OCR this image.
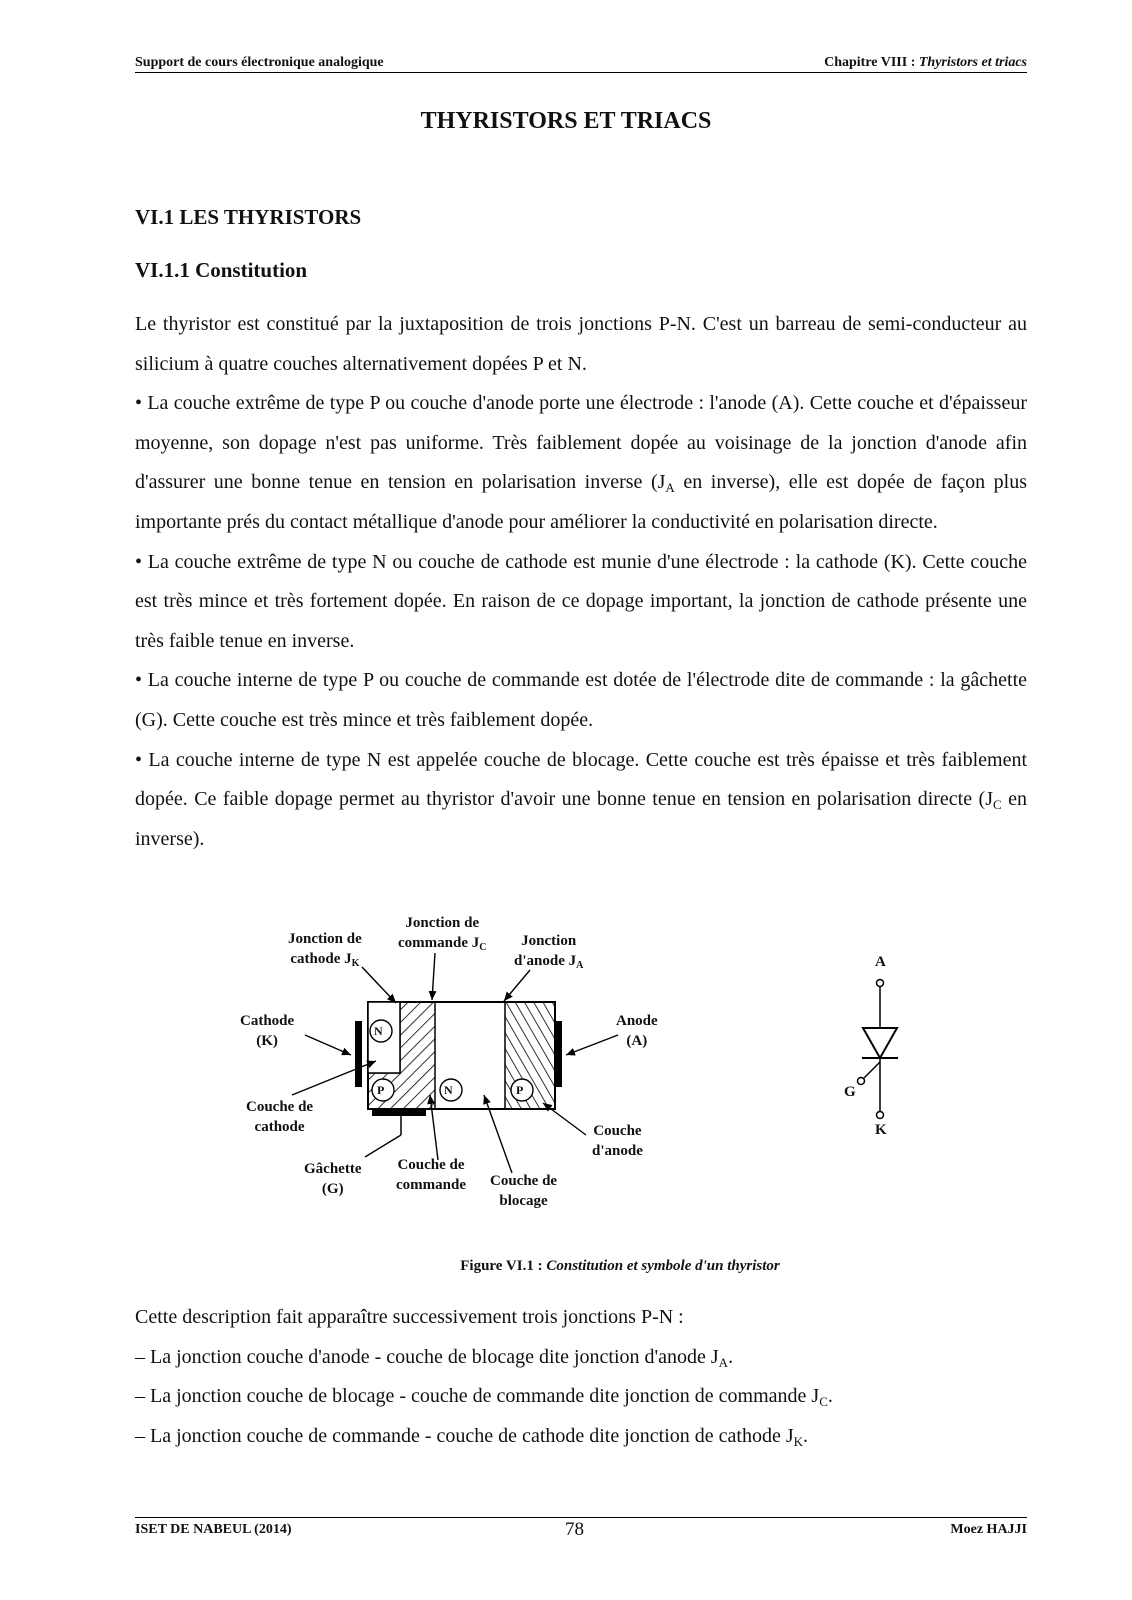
Support de cours électronique analogique	Chapitre VIII : Thyristors et triacs
THYRISTORS ET TRIACS
VI.1 LES THYRISTORS
VI.1.1 Constitution

Le thyristor est constitué par la juxtaposition de trois jonctions P-N. C'est un barreau de semi-conducteur au silicium à quatre couches alternativement dopées P et N.

• La couche extrême de type P ou couche d'anode porte une électrode : l'anode (A). Cette couche et d'épaisseur moyenne, son dopage n'est pas uniforme. Très faiblement dopée au voisinage de la jonction d'anode afin d'assurer une bonne tenue en tension en polarisation inverse ($J_A$ en inverse), elle est dopée de façon plus importante prés du contact métallique d'anode pour améliorer la conductivité en polarisation directe.

• La couche extrême de type N ou couche de cathode est munie d'une électrode : la cathode (K). Cette couche est très mince et très fortement dopée. En raison de ce dopage important, la jonction de cathode présente une très faible tenue en inverse.

• La couche interne de type P ou couche de commande est dotée de l'électrode dite de commande : la gâchette (G). Cette couche est très mince et très faiblement dopée.

• La couche interne de type N est appelée couche de blocage. Cette couche est très épaisse et très faiblement dopée. Ce faible dopage permet au thyristor d'avoir une bonne tenue en tension en polarisation directe ($J_C$ en inverse).

N
P	N	P
Jonction de
cathode $J_K$
Jonction de
commande $J_C$	Jonction
d'anode $J_A$
Cathode
(K)
Anode
(A)
Couche de
cathode
Gâchette
(G)
Couche de
commande Couche de
blocage
Couche
d'anode
A
G
K
Figure VI.1 : Constitution et symbole d'un thyristor

Cette description fait apparaître successivement trois jonctions P-N :

– La jonction couche d'anode - couche de blocage dite jonction d'anode $J_A$.

– La jonction couche de blocage - couche de commande dite jonction de commande $J_C$.

– La jonction couche de commande - couche de cathode dite jonction de cathode $J_K$.

ISET DE NABEUL (2014)	78	Moez HAJJI
